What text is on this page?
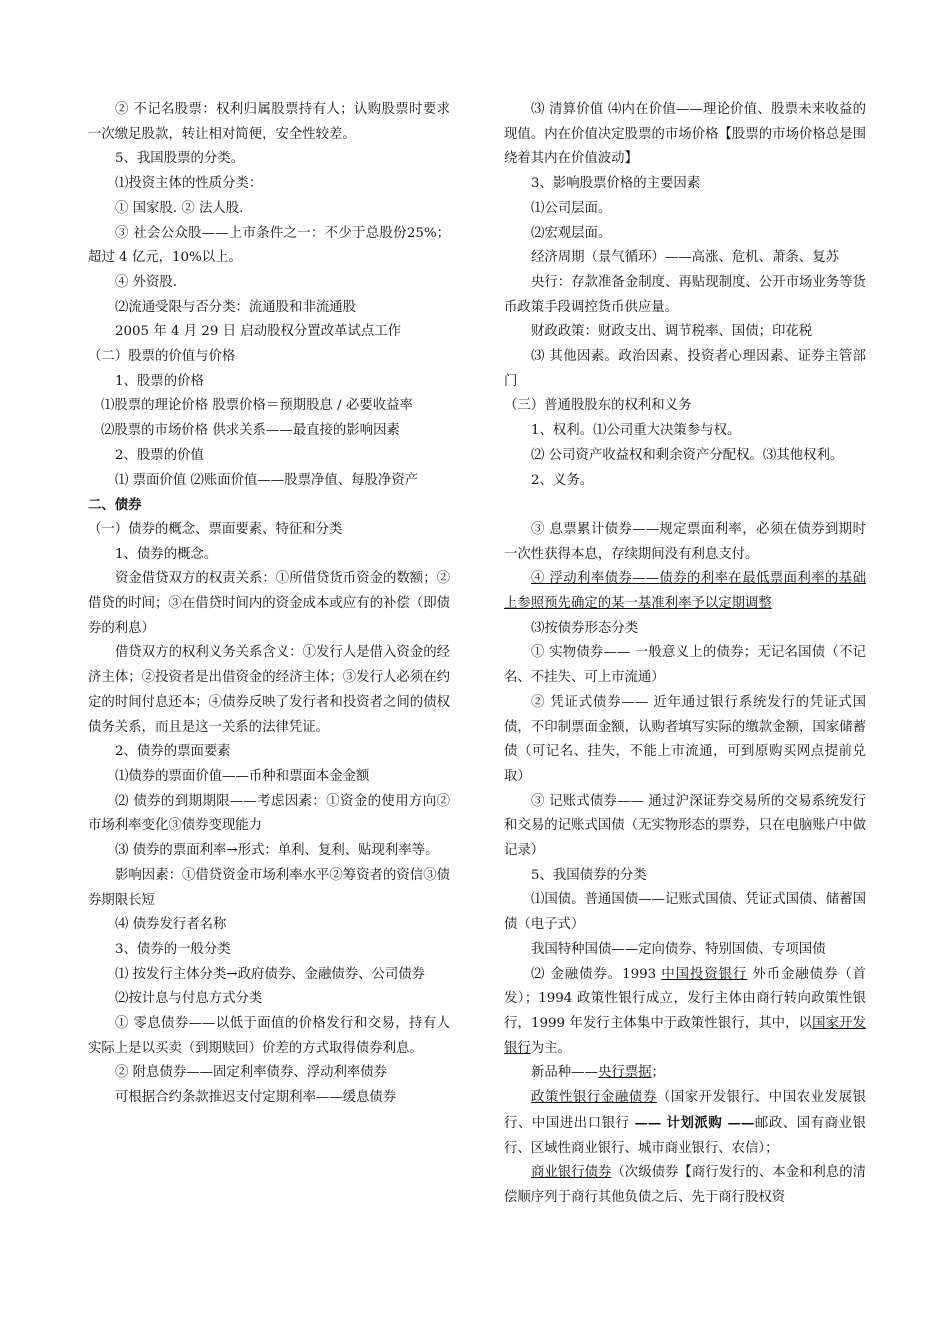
② 不记名股票：权利归属股票持有人；认购股票时要求一次缴足股款，转让相对简便，安全性较差。

5、我国股票的分类。

⑴投资主体的性质分类：

① 国家股. ② 法人股.

③ 社会公众股——上市条件之一：不少于总股份25%；超过 4 亿元，10%以上。

④ 外资股.

⑵流通受限与否分类：流通股和非流通股

2005 年 4 月 29 日 启动股权分置改革试点工作

（二）股票的价值与价格

1、股票的价格

⑴股票的理论价格 股票价格＝预期股息 / 必要收益率

⑵股票的市场价格 供求关系——最直接的影响因素

2、股票的价值

⑴ 票面价值 ⑵账面价值——股票净值、每股净资产

二、债券

（一）债券的概念、票面要素、特征和分类

1、债券的概念。

资金借贷双方的权责关系：①所借贷货币资金的数额；②借贷的时间；③在借贷时间内的资金成本或应有的补偿（即债券的利息）

借贷双方的权利义务关系含义：①发行人是借入资金的经济主体；②投资者是出借资金的经济主体；③发行人必须在约定的时间付息还本；④债券反映了发行者和投资者之间的债权债务关系，而且是这一关系的法律凭证。

2、债券的票面要素

⑴债券的票面价值——币种和票面本金金额

⑵ 债券的到期期限——考虑因素：①资金的使用方向②市场利率变化③债券变现能力

⑶ 债券的票面利率→形式：单利、复利、贴现利率等。

影响因素：①借贷资金市场利率水平②筹资者的资信③债券期限长短

⑷ 债券发行者名称

3、债券的一般分类

⑴ 按发行主体分类→政府债券、金融债券、公司债券

⑵按计息与付息方式分类

① 零息债券——以低于面值的价格发行和交易，持有人实际上是以买卖（到期赎回）价差的方式取得债券利息。

② 附息债券——固定利率债券、浮动利率债券

可根据合约条款推迟支付定期利率——缓息债券

⑶ 清算价值 ⑷内在价值——理论价值、股票未来收益的现值。内在价值决定股票的市场价格【股票的市场价格总是围绕着其内在价值波动】

3、影响股票价格的主要因素

⑴公司层面。

⑵宏观层面。

经济周期（景气循环）——高涨、危机、萧条、复苏

央行：存款准备金制度、再贴现制度、公开市场业务等货币政策手段调控货币供应量。

财政政策：财政支出、调节税率、国债；印花税

⑶ 其他因素。政治因素、投资者心理因素、证券主管部门

（三）普通股股东的权利和义务

1、权利。⑴公司重大决策参与权。

⑵ 公司资产收益权和剩余资产分配权。⑶其他权利。

2、义务。

③ 息票累计债券——规定票面利率，必须在债券到期时一次性获得本息，存续期间没有利息支付。

④ 浮动利率债券——债券的利率在最低票面利率的基础上参照预先确定的某一基准利率予以定期调整

⑶按债券形态分类

① 实物债券—— 一般意义上的债券；无记名国债（不记名、不挂失、可上市流通）

② 凭证式债券—— 近年通过银行系统发行的凭证式国债，不印制票面金额，认购者填写实际的缴款金额，国家储蓄债（可记名、挂失，不能上市流通，可到原购买网点提前兑取）

③ 记账式债券—— 通过沪深证券交易所的交易系统发行和交易的记账式国债（无实物形态的票券，只在电脑账户中做记录）

5、我国债券的分类

⑴国债。普通国债——记账式国债、凭证式国债、储蓄国债（电子式）

我国特种国债——定向债券、特别国债、专项国债

⑵ 金融债券。1993 中国投资银行 外币金融债券（首发）；1994 政策性银行成立，发行主体由商行转向政策性银行，1999 年发行主体集中于政策性银行，其中，以国家开发银行为主。

新品种——央行票据；

政策性银行金融债券（国家开发银行、中国农业发展银行、中国进出口银行 —— 计划派购 ——邮政、国有商业银行、区域性商业银行、城市商业银行、农信）；

商业银行债券（次级债券【商行发行的、本金和利息的清偿顺序列于商行其他负债之后、先于商行股权资
